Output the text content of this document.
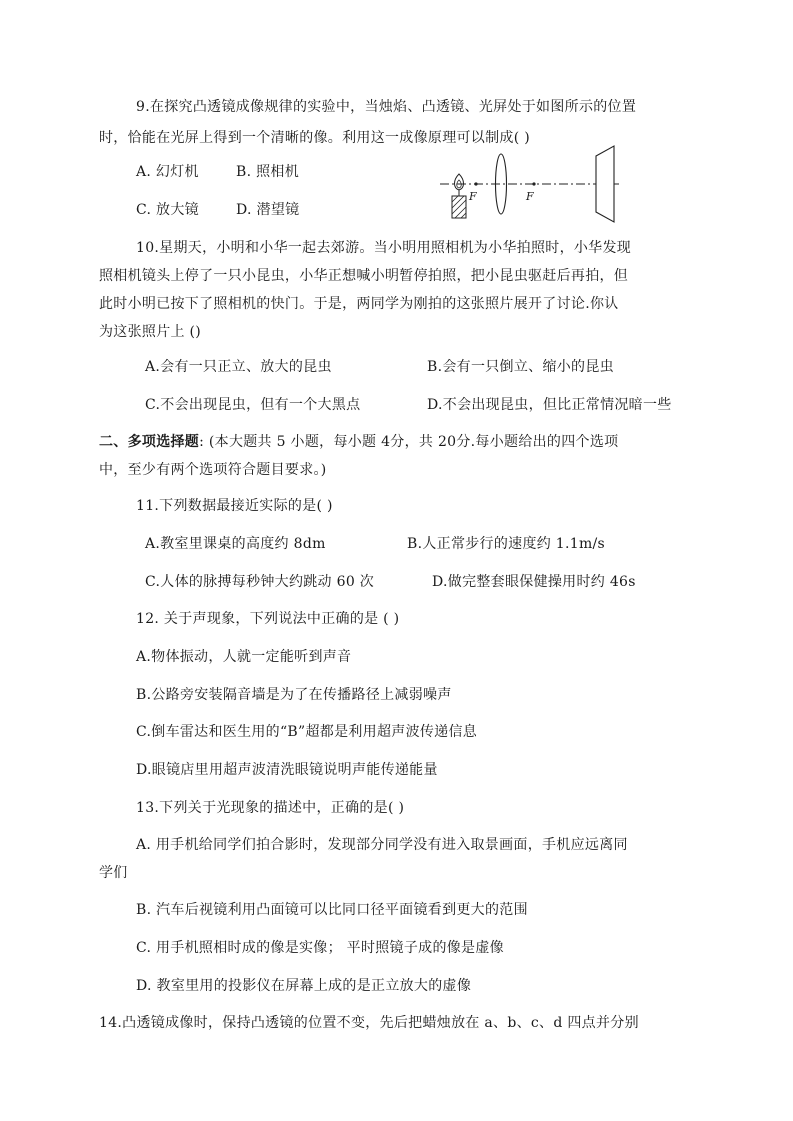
9.在探究凸透镜成像规律的实验中，当烛焰、凸透镜、光屏处于如图所示的位置
时，恰能在光屏上得到一个清晰的像。利用这一成像原理可以制成( )
A. 幻灯机	B. 照相机
C. 放大镜	D. 潜望镜
F	F
10.星期天，小明和小华一起去郊游。当小明用照相机为小华拍照时，小华发现
照相机镜头上停了一只小昆虫，小华正想喊小明暂停拍照，把小昆虫驱赶后再拍，但
此时小明已按下了照相机的快门。于是，两同学为刚拍的这张照片展开了讨论.你认
为这张照片上 ()
A.会有一只正立、放大的昆虫	B.会有一只倒立、缩小的昆虫
C.不会出现昆虫，但有一个大黑点	D.不会出现昆虫，但比正常情况暗一些
二、多项选择题: (本大题共 5 小题，每小题 4分，共 20分.每小题给出的四个选项
中，至少有两个选项符合题目要求。)
11.下列数据最接近实际的是( )
A.教室里课桌的高度约 8dm	B.人正常步行的速度约 1.1m/s
C.人体的脉搏每秒钟大约跳动 60 次	D.做完整套眼保健操用时约 46s
12. 关于声现象，下列说法中正确的是 ( )
A.物体振动，人就一定能听到声音
B.公路旁安装隔音墙是为了在传播路径上减弱噪声
C.倒车雷达和医生用的“B”超都是利用超声波传递信息
D.眼镜店里用超声波清洗眼镜说明声能传递能量
13.下列关于光现象的描述中，正确的是( )
A. 用手机给同学们拍合影时，发现部分同学没有进入取景画面，手机应远离同
学们
B. 汽车后视镜利用凸面镜可以比同口径平面镜看到更大的范围
C. 用手机照相时成的像是实像； 平时照镜子成的像是虚像
D. 教室里用的投影仪在屏幕上成的是正立放大的虚像
14.凸透镜成像时，保持凸透镜的位置不变，先后把蜡烛放在 a、b、c、d 四点并分别
